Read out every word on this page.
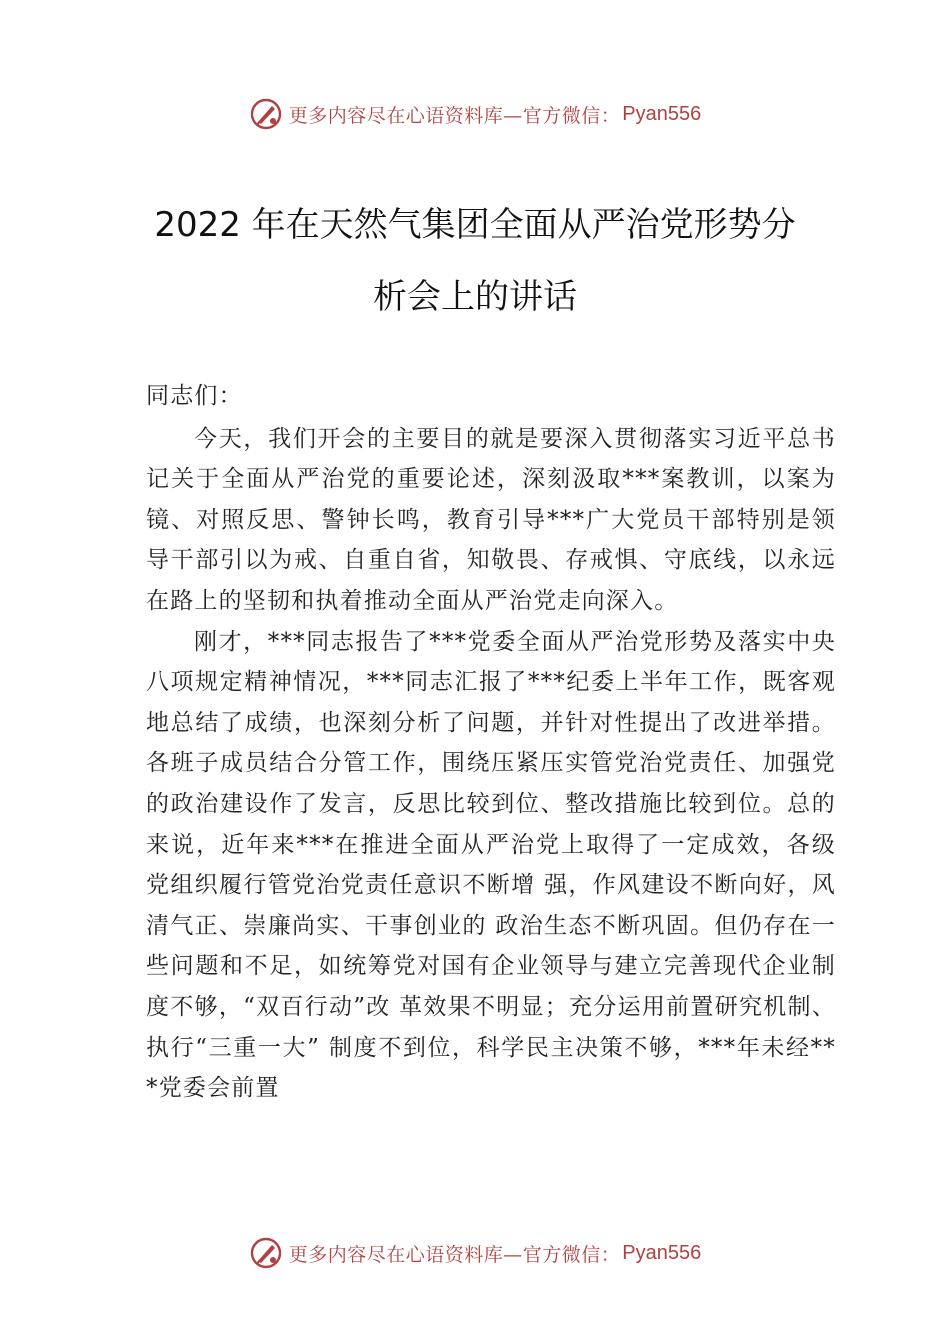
更多内容尽在心语资料库—官方微信： Pyan556
2022 年在天然气集团全面从严治党形势分
析会上的讲话

同志们：

今天，我们开会的主要目的就是要深入贯彻落实习近平总书记关于全面从严治党的重要论述，深刻汲取***案教训，以案为镜、对照反思、警钟长鸣，教育引导***广大党员干部特别是领导干部引以为戒、自重自省，知敬畏、存戒惧、守底线，以永远在路上的坚韧和执着推动全面从严治党走向深入。

刚才，***同志报告了***党委全面从严治党形势及落实中央八项规定精神情况，***同志汇报了***纪委上半年工作，既客观地总结了成绩，也深刻分析了问题，并针对性提出了改进举措。各班子成员结合分管工作，围绕压紧压实管党治党责任、加强党的政治建设作了发言，反思比较到位、整改措施比较到位。总的来说，近年来***在推进全面从严治党上取得了一定成效，各级党组织履行管党治党责任意识不断增 强，作风建设不断向好，风清气正、崇廉尚实、干事创业的 政治生态不断巩固。但仍存在一些问题和不足，如统筹党对国有企业领导与建立完善现代企业制度不够，“双百行动”改 革效果不明显；充分运用前置研究机制、执行“三重一大” 制度不到位，科学民主决策不够，***年未经***党委会前置

更多内容尽在心语资料库—官方微信： Pyan556
